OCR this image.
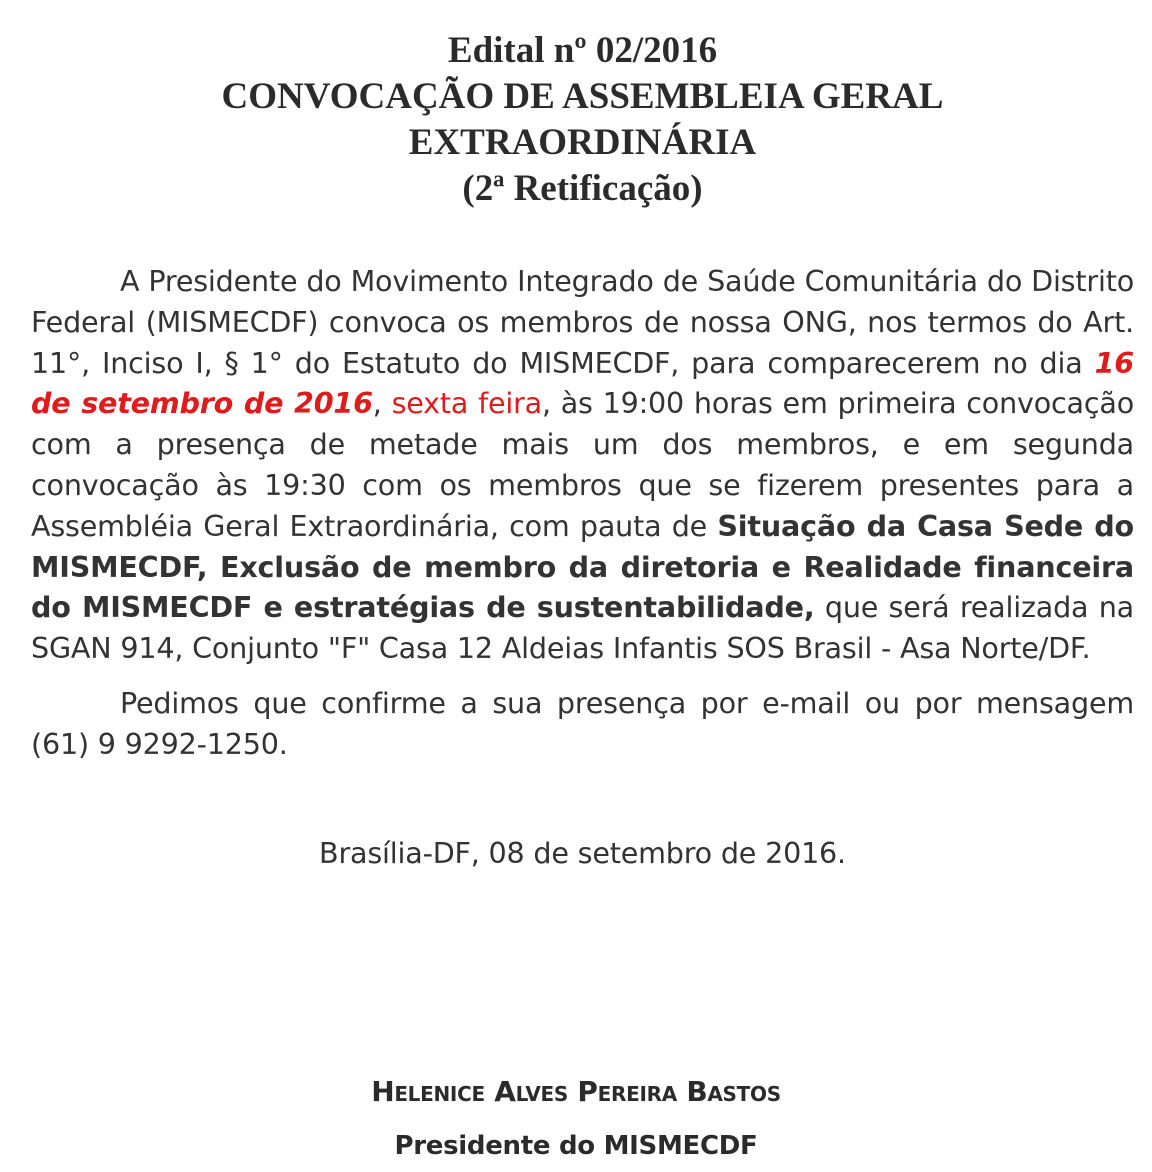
Edital nº 02/2016
CONVOCAÇÃO DE ASSEMBLEIA GERAL
EXTRAORDINÁRIA
(2ª Retificação)

A Presidente do Movimento Integrado de Saúde Comunitária do Distrito Federal (MISMECDF) convoca os membros de nossa ONG, nos termos do Art. 11°, Inciso I, § 1° do Estatuto do MISMECDF, para comparecerem no dia 16 de setembro de 2016, sexta feira, às 19:00 horas em primeira convocação com a presença de metade mais um dos membros, e em segunda convocação às 19:30 com os membros que se fizerem presentes para a Assembléia Geral Extraordinária, com pauta de Situação da Casa Sede do MISMECDF, Exclusão de membro da diretoria e Realidade financeira do MISMECDF e estratégias de sustentabilidade, que será realizada na SGAN 914, Conjunto "F" Casa 12 Aldeias Infantis SOS Brasil - Asa Norte/DF.

Pedimos que confirme a sua presença por e-mail ou por mensagem (61) 9 9292-1250.

Brasília-DF, 08 de setembro de 2016.
Helenice Alves Pereira Bastos
Presidente do MISMECDF
